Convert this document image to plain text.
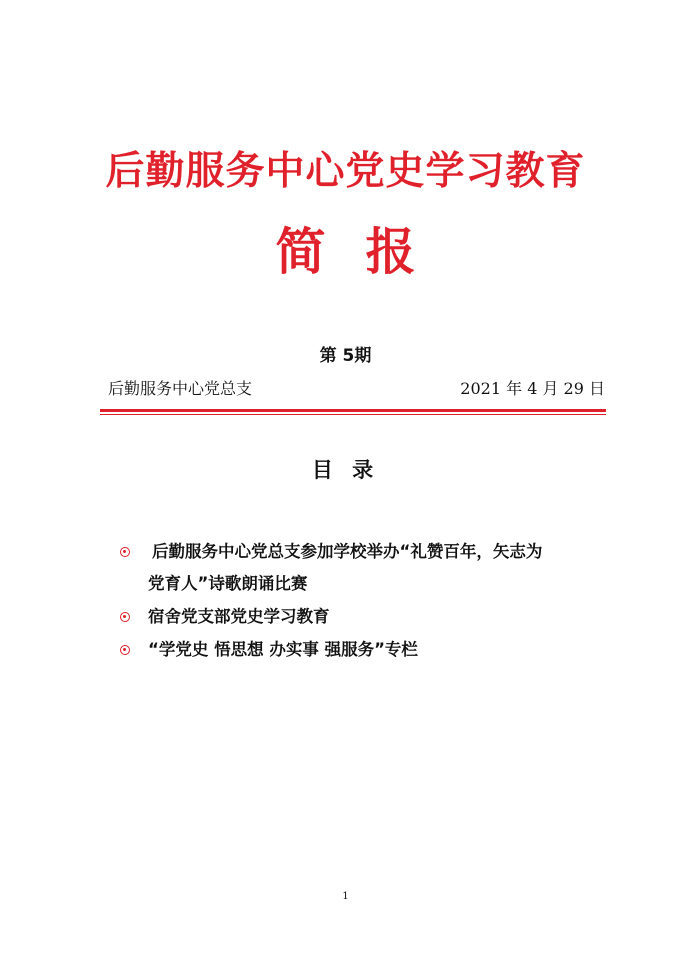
后勤服务中心党史学习教育
简 报
第 5期
后勤服务中心党总支	2021 年 4 月 29 日
目 录
后勤服务中心党总支参加学校举办“礼赞百年，矢志为
党育人”诗歌朗诵比赛
宿舍党支部党史学习教育
“学党史 悟思想 办实事 强服务”专栏
1
